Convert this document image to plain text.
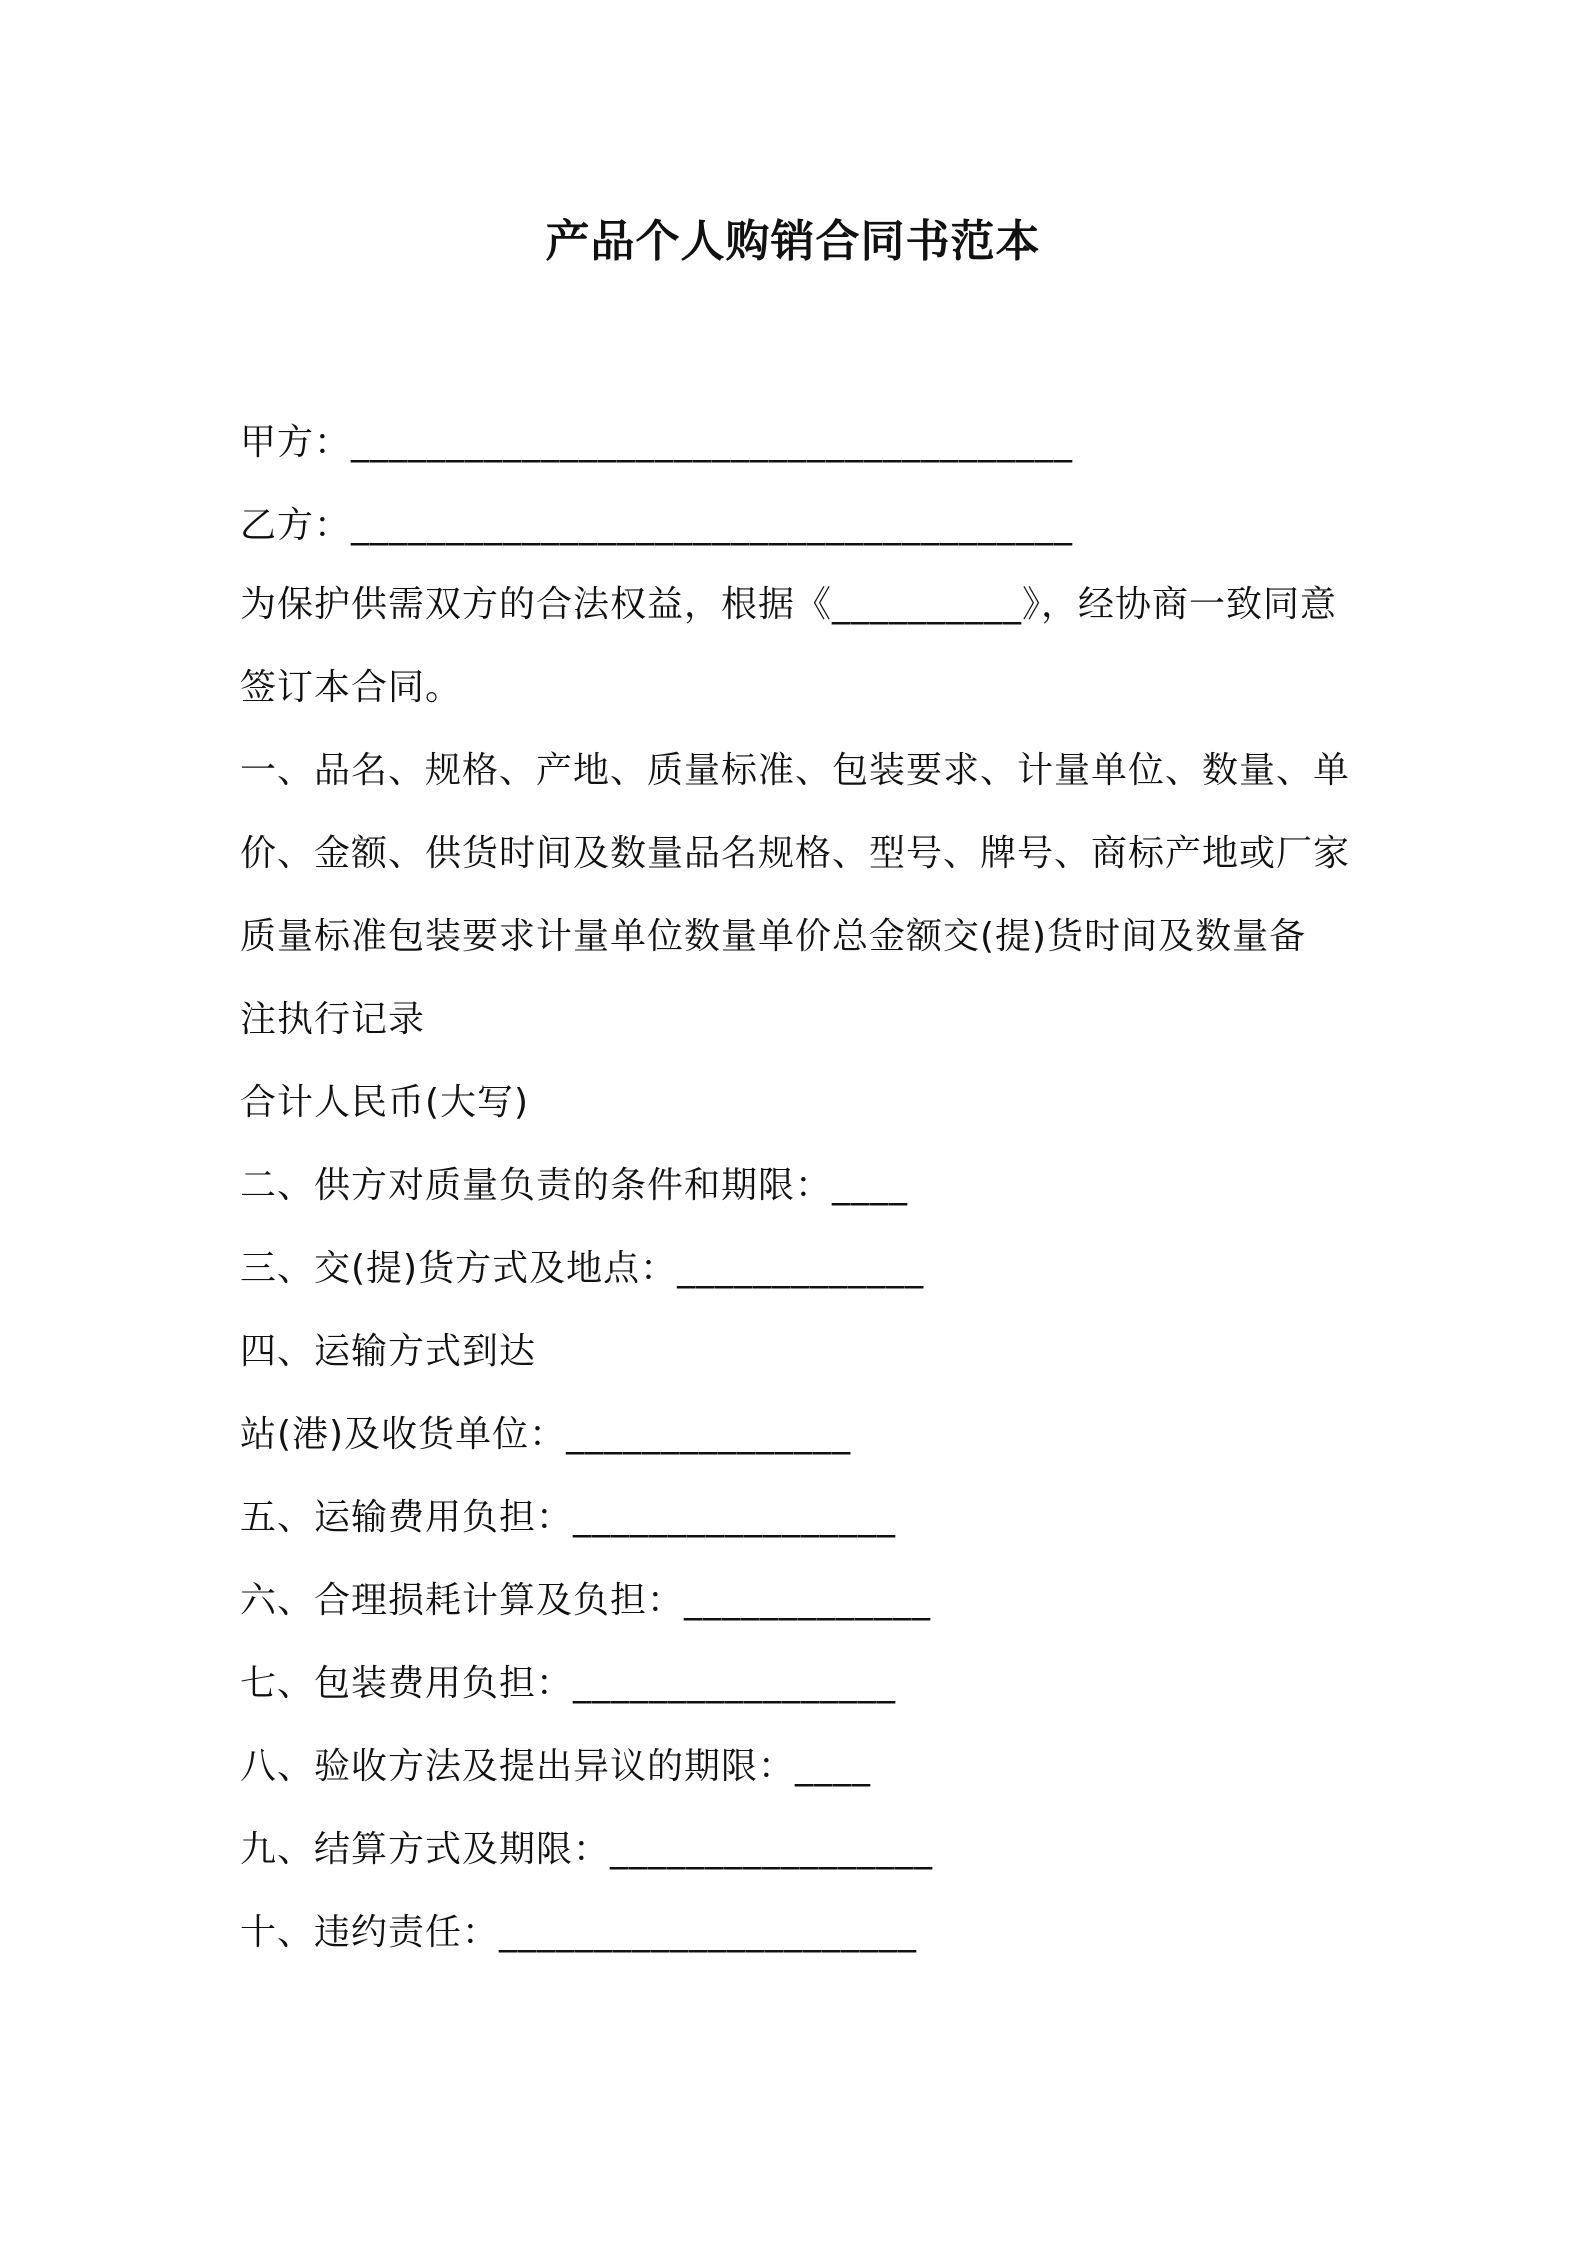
产品个人购销合同书范本
甲方：______________________________________
乙方：______________________________________
为保护供需双方的合法权益，根据《__________》，经协商一致同意
签订本合同。
一、品名、规格、产地、质量标准、包装要求、计量单位、数量、单
价、金额、供货时间及数量品名规格、型号、牌号、商标产地或厂家
质量标准包装要求计量单位数量单价总金额交(提)货时间及数量备
注执行记录
合计人民币(大写)
二、供方对质量负责的条件和期限：____
三、交(提)货方式及地点：_____________
四、运输方式到达
站(港)及收货单位：_______________
五、运输费用负担：_________________
六、合理损耗计算及负担：_____________
七、包装费用负担：_________________
八、验收方法及提出异议的期限：____
九、结算方式及期限：_________________
十、违约责任：______________________
